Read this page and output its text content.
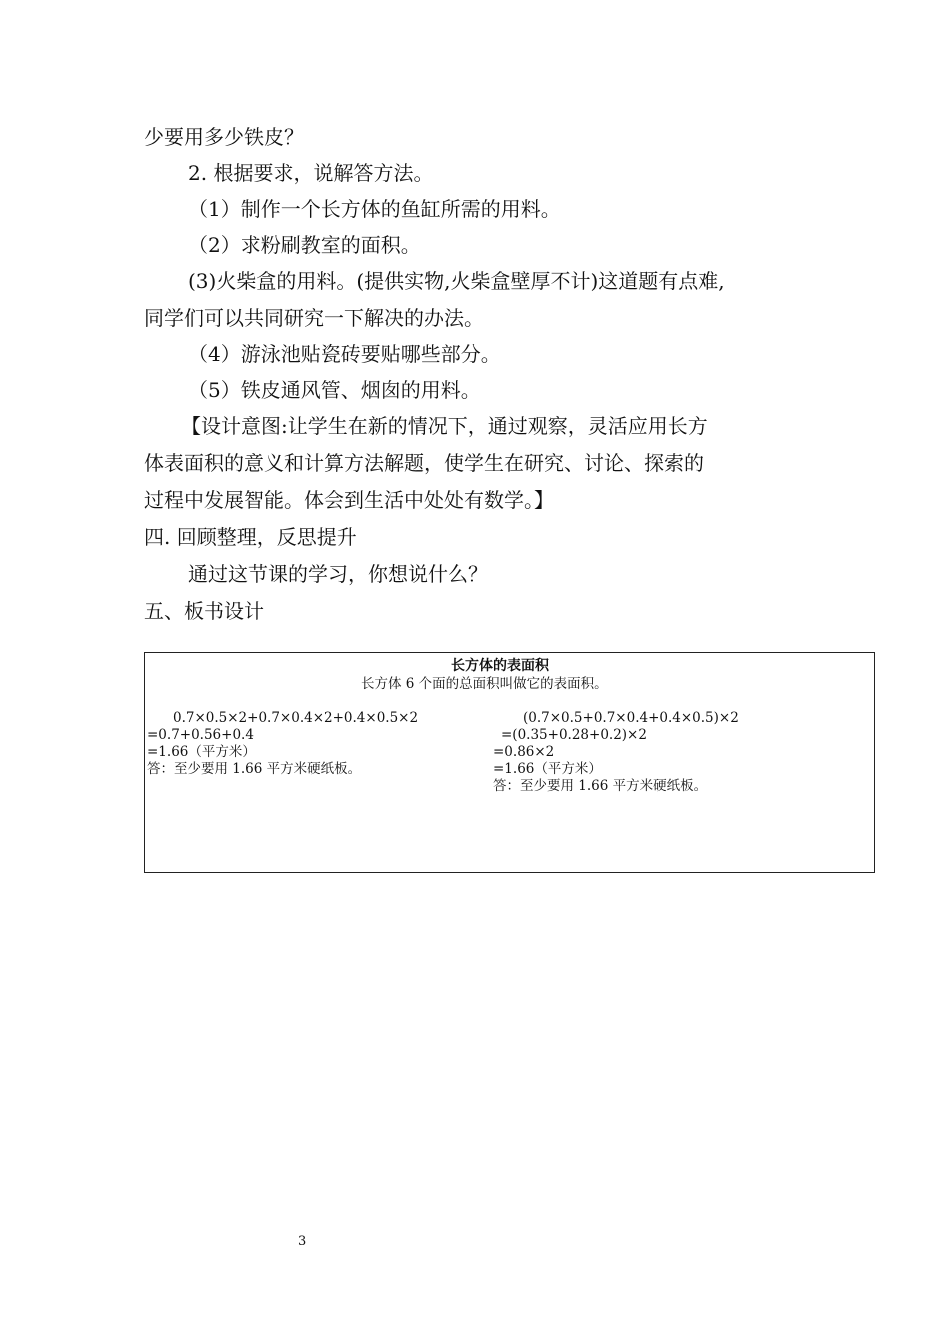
少要用多少铁皮？
2. 根据要求，说解答方法。
（1）制作一个长方体的鱼缸所需的用料。
（2）求粉刷教室的面积。
(3)火柴盒的用料。(提供实物,火柴盒壁厚不计)这道题有点难,
同学们可以共同研究一下解决的办法。
（4）游泳池贴瓷砖要贴哪些部分。
（5）铁皮通风管、烟囱的用料。
【设计意图:让学生在新的情况下，通过观察，灵活应用长方
体表面积的意义和计算方法解题，使学生在研究、讨论、探索的
过程中发展智能。体会到生活中处处有数学。】
四. 回顾整理，反思提升
通过这节课的学习，你想说什么？
五、板书设计
长方体的表面积
长方体 6 个面的总面积叫做它的表面积。
0.7×0.5×2+0.7×0.4×2+0.4×0.5×2
=0.7+0.56+0.4
=1.66（平方米）
答：至少要用 1.66 平方米硬纸板。
(0.7×0.5+0.7×0.4+0.4×0.5)×2
=(0.35+0.28+0.2)×2
=0.86×2
=1.66（平方米）
答：至少要用 1.66 平方米硬纸板。
3
